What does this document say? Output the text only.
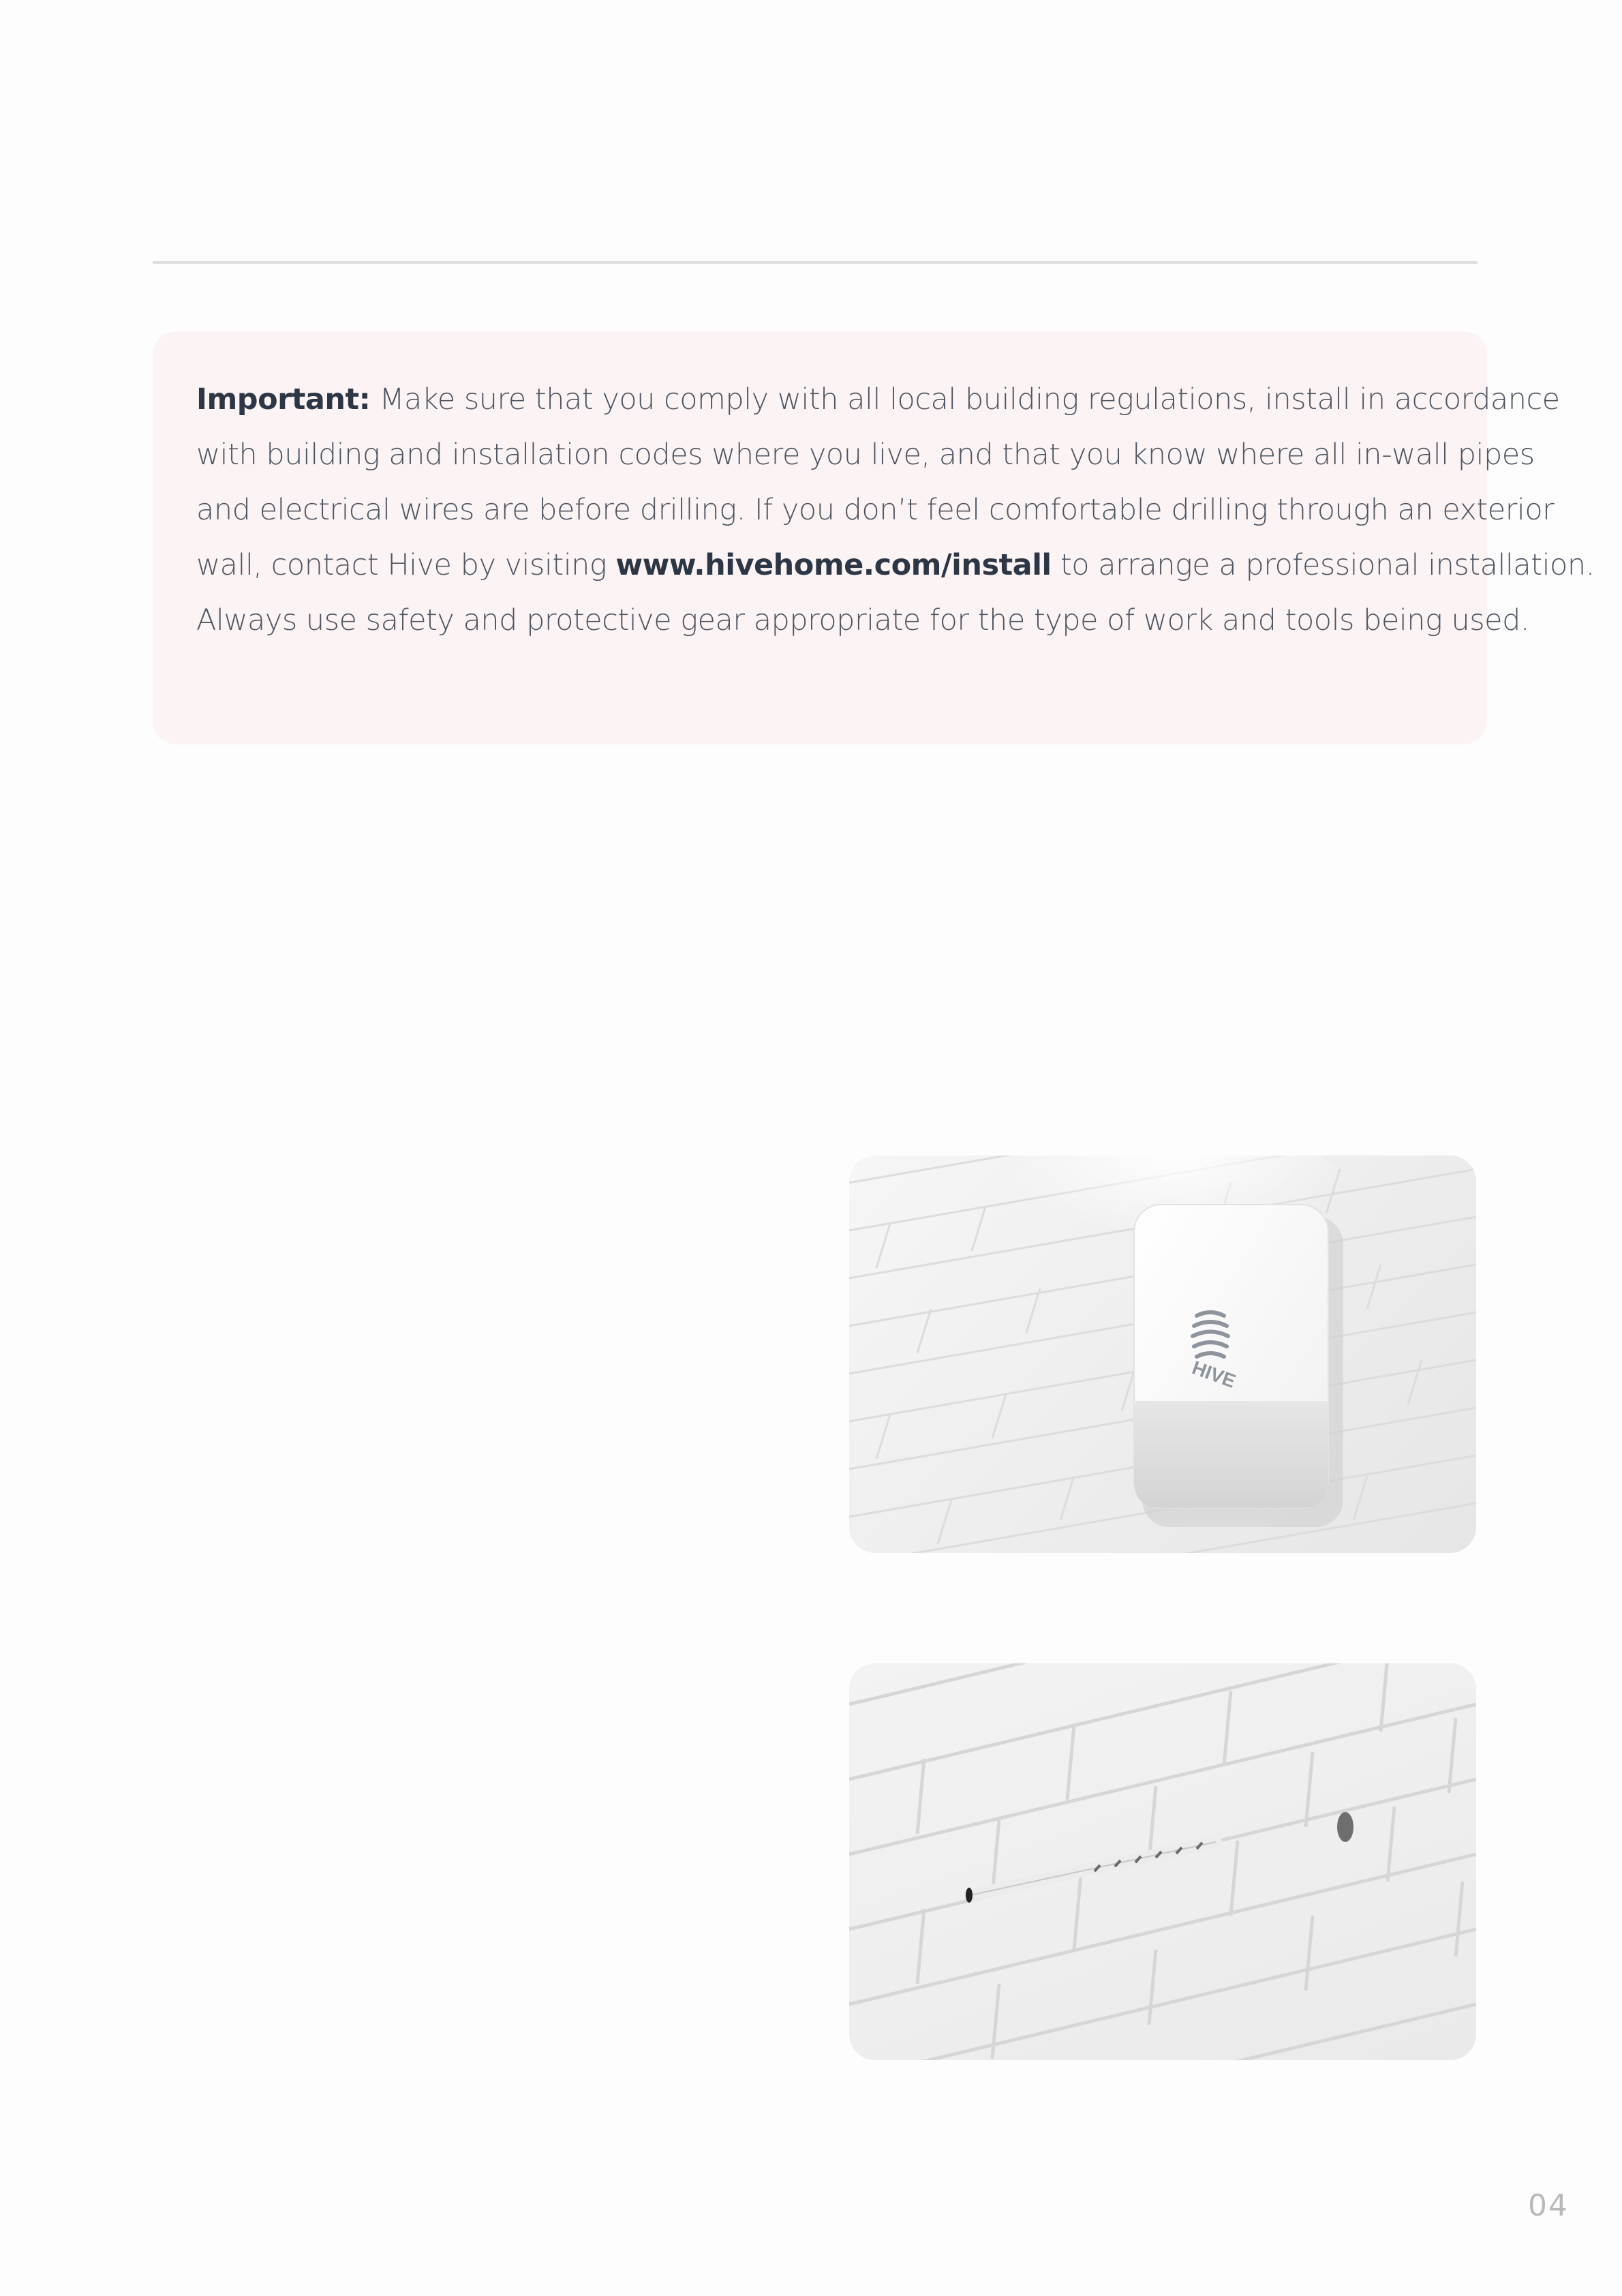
Important: Make sure that you comply with all local building regulations, install in accordance
with building and installation codes where you live, and that you know where all in-wall pipes
and electrical wires are before drilling. If you don’t feel comfortable drilling through an exterior
wall, contact Hive by visiting www.hivehome.com/install to arrange a professional installation.
Always use safety and protective gear appropriate for the type of work and tools being used.

HIVE
04
